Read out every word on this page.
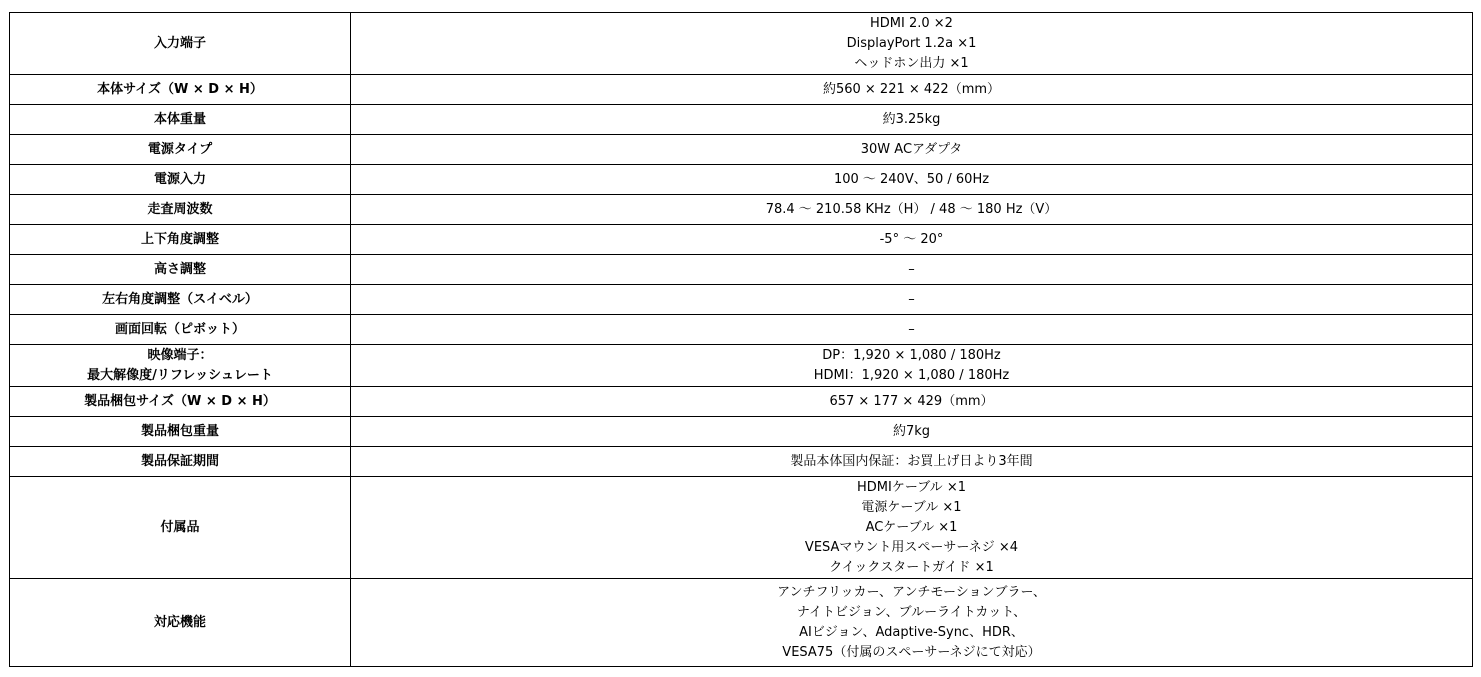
入力端子	HDMI 2.0 ×2
DisplayPort 1.2a ×1
ヘッドホン出力 ×1

本体サイズ（W × D × H）	約560 × 221 × 422（mm）

本体重量	約3.25kg

電源タイプ	30W ACアダプタ

電源入力	100 ～ 240V、50 / 60Hz

走査周波数	78.4 ～ 210.58 KHz（H） / 48 ～ 180 Hz（V）

上下角度調整	-5° ～ 20°

高さ調整	–

左右角度調整（スイベル）	–

画面回転（ピボット）	–

映像端子：
最大解像度/リフレッシュレート	DP：1,920 × 1,080 / 180Hz
HDMI：1,920 × 1,080 / 180Hz

製品梱包サイズ（W × D × H）	657 × 177 × 429（mm）

製品梱包重量	約7kg

製品保証期間	製品本体国内保証：お買上げ日より3年間

付属品	HDMIケーブル ×1
電源ケーブル ×1
ACケーブル ×1
VESAマウント用スペーサーネジ ×4
クイックスタートガイド ×1

対応機能	アンチフリッカー、アンチモーションブラー、
ナイトビジョン、ブルーライトカット、
AIビジョン、Adaptive-Sync、HDR、
VESA75（付属のスペーサーネジにて対応）
